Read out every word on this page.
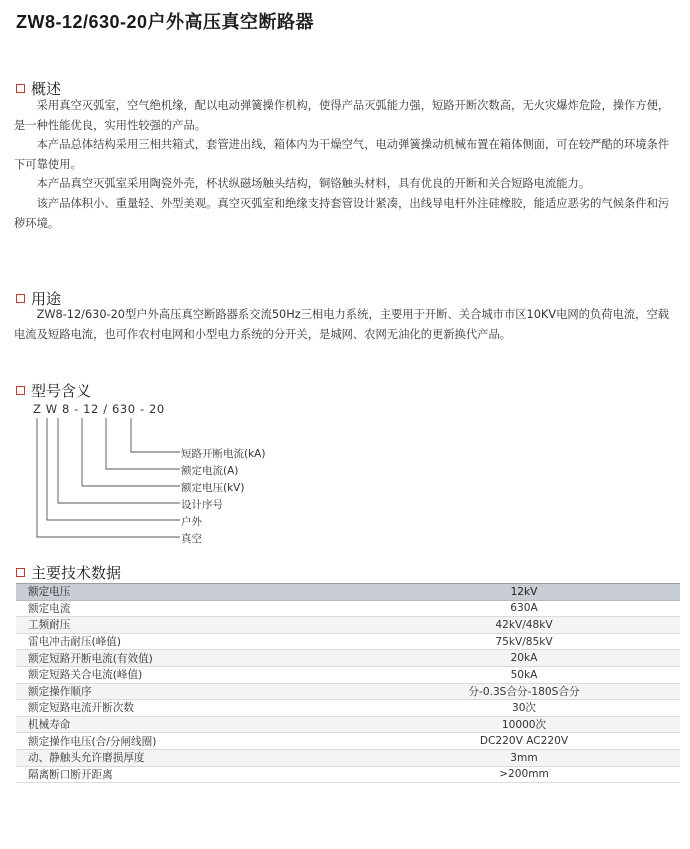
ZW8-12/630-20户外高压真空断路器
概述

采用真空灭弧室，空气绝机缘，配以电动弹簧操作机构，使得产品灭弧能力强，短路开断次数高，无火灾爆炸危险，操作方便，是一种性能优良，实用性较强的产品。

本产品总体结构采用三相共箱式，套管进出线，箱体内为干燥空气，电动弹簧操动机械布置在箱体侧面，可在较严酷的环境条件下可靠使用。

本产品真空灭弧室采用陶瓷外壳，杯状纵磁场触头结构，铜铬触头材料，具有优良的开断和关合短路电流能力。

该产品体积小、重量轻、外型美观。真空灭弧室和绝缘支持套管设计紧凑，出线导电杆外注硅橡胶，能适应恶劣的气候条件和污秽环境。

用途

ZW8-12/630-20型户外高压真空断路器系交流50Hz三相电力系统，主要用于开断、关合城市市区10KV电网的负荷电流，空载电流及短路电流，也可作农村电网和小型电力系统的分开关，是城网、农网无油化的更新换代产品。

型号含义
Z W 8 - 12 / 630 - 20
短路开断电流(kA)
额定电流(A)
额定电压(kV)
设计序号
户外
真空
主要技术数据
额定电压	12kV
额定电流	630A
工频耐压	42kV/48kV
雷电冲击耐压(峰值)	75kV/85kV
额定短路开断电流(有效值)	20kA
额定短路关合电流(峰值)	50kA
额定操作顺序	分-0.3S合分-180S合分
额定短路电流开断次数	30次
机械寿命	10000次
额定操作电压(合/分闸线圈)	DC220V AC220V
动、静触头允许磨损厚度	3mm
隔离断口断开距离	>200mm
